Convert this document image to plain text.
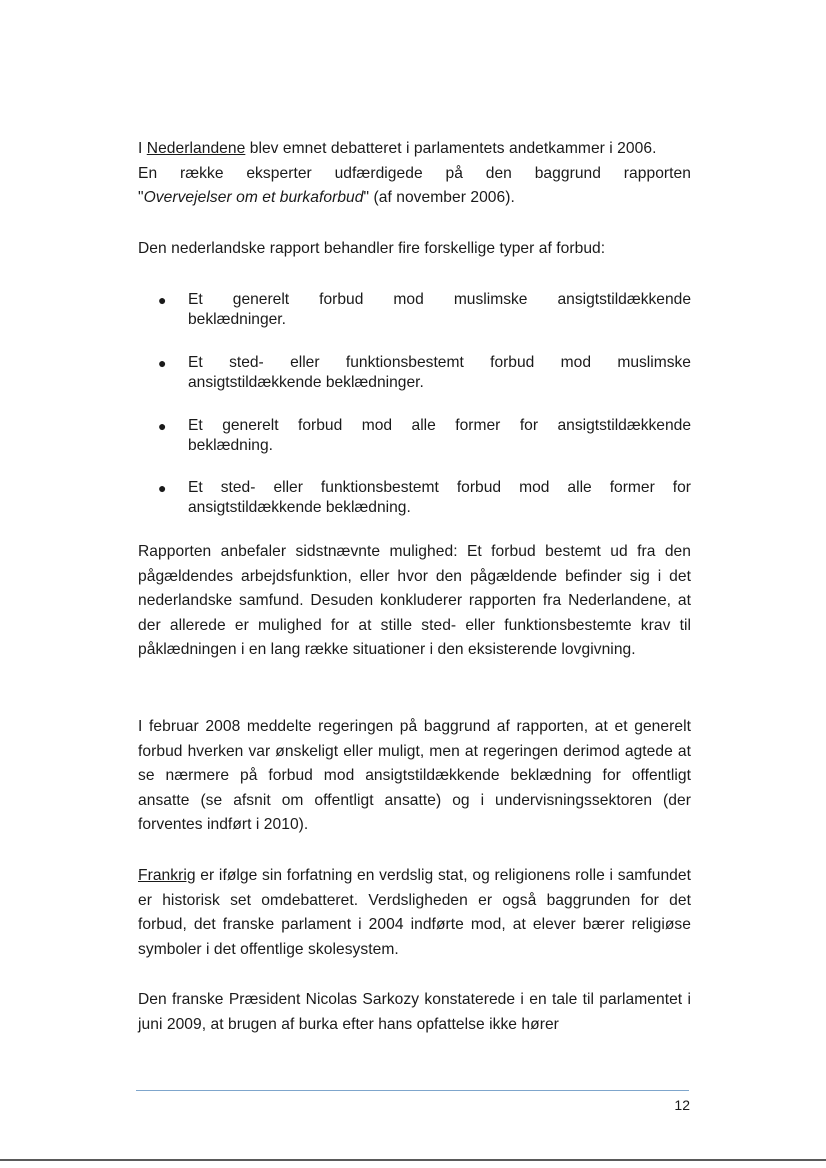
I Nederlandene blev emnet debatteret i parlamentets andetkammer i 2006.
En række eksperter udfærdigede på den baggrund rapporten
"Overvejelser om et burkaforbud" (af november 2006).
Den nederlandske rapport behandler fire forskellige typer af forbud:
● Et generelt forbud mod muslimske ansigtstildækkende
beklædninger.
● Et sted- eller funktionsbestemt forbud mod muslimske
ansigtstildækkende beklædninger.
● Et generelt forbud mod alle former for ansigtstildækkende
beklædning.
● Et sted- eller funktionsbestemt forbud mod alle former for
ansigtstildækkende beklædning.
Rapporten anbefaler sidstnævnte mulighed: Et forbud bestemt ud fra den pågældendes arbejdsfunktion, eller hvor den pågældende befinder sig i det nederlandske samfund. Desuden konkluderer rapporten fra Nederlandene, at der allerede er mulighed for at stille sted- eller funktionsbestemte krav til påklædningen i en lang række situationer i den eksisterende lovgivning.
I februar 2008 meddelte regeringen på baggrund af rapporten, at et generelt forbud hverken var ønskeligt eller muligt, men at regeringen derimod agtede at se nærmere på forbud mod ansigtstildækkende beklædning for offentligt ansatte (se afsnit om offentligt ansatte) og i undervisningssektoren (der forventes indført i 2010).
Frankrig er ifølge sin forfatning en verdslig stat, og religionens rolle i samfundet er historisk set omdebatteret. Verdsligheden er også baggrunden for det forbud, det franske parlament i 2004 indførte mod, at elever bærer religiøse symboler i det offentlige skolesystem.
Den franske Præsident Nicolas Sarkozy konstaterede i en tale til parlamentet i juni 2009, at brugen af burka efter hans opfattelse ikke hører
12
